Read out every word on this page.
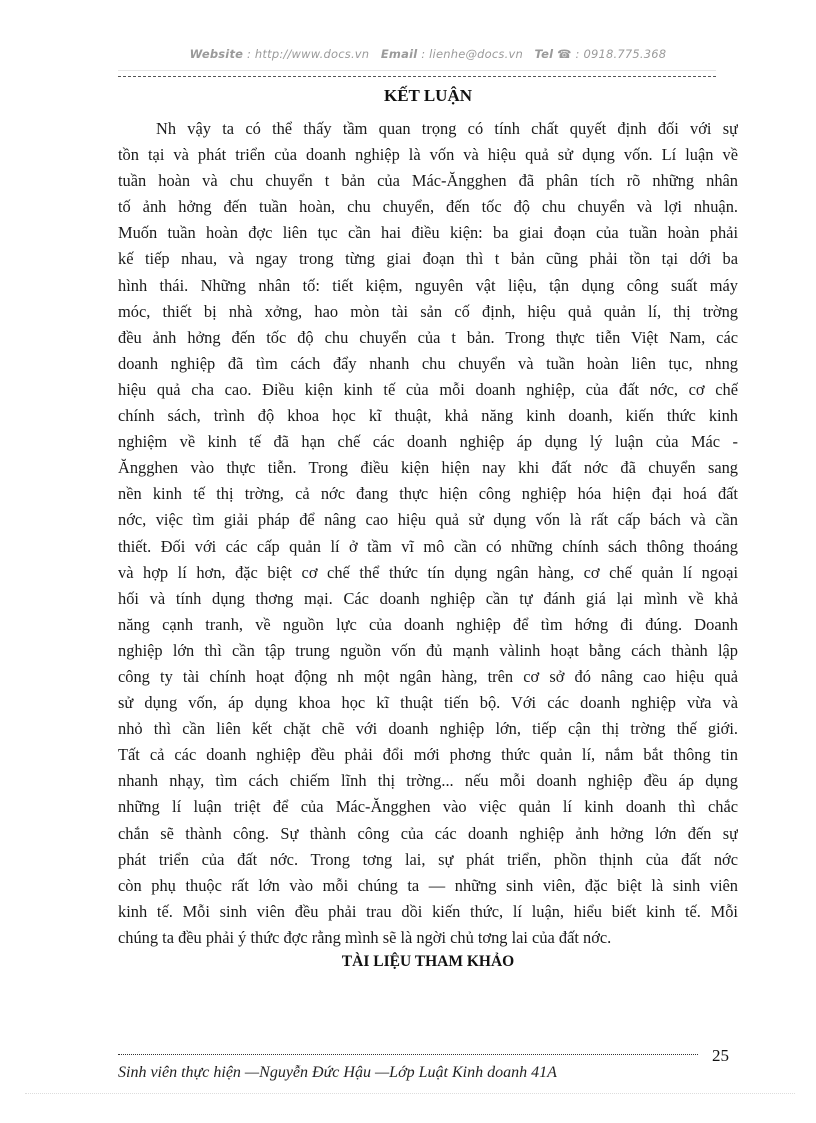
Website : http://www.docs.vn Email : lienhe@docs.vn Tel ☎ : 0918.775.368
KẾT LUẬN
Nh vậy ta có thể thấy tầm quan trọng có tính chất quyết định đối với sự
tồn tại và phát triển của doanh nghiệp là vốn và hiệu quả sử dụng vốn. Lí luận về
tuần hoàn và chu chuyển t bản của Mác-Ăngghen đã phân tích rõ những nhân
tố ảnh hởng đến tuần hoàn, chu chuyển, đến tốc độ chu chuyển và lợi nhuận.
Muốn tuần hoàn đợc liên tục cần hai điều kiện: ba giai đoạn của tuần hoàn phải
kế tiếp nhau, và ngay trong từng giai đoạn thì t bản cũng phải tồn tại dới ba
hình thái. Những nhân tố: tiết kiệm, nguyên vật liệu, tận dụng công suất máy
móc, thiết bị nhà xởng, hao mòn tài sản cố định, hiệu quả quản lí, thị trờng
đều ảnh hởng đến tốc độ chu chuyển của t bản. Trong thực tiễn Việt Nam, các
doanh nghiệp đã tìm cách đẩy nhanh chu chuyển và tuần hoàn liên tục, nhng
hiệu quả cha cao. Điều kiện kinh tế của mỗi doanh nghiệp, của đất nớc, cơ chế
chính sách, trình độ khoa học kĩ thuật, khả năng kinh doanh, kiến thức kinh
nghiệm về kinh tế đã hạn chế các doanh nghiệp áp dụng lý luận của Mác -
Ăngghen vào thực tiễn. Trong điều kiện hiện nay khi đất nớc đã chuyển sang
nền kinh tế thị trờng, cả nớc đang thực hiện công nghiệp hóa hiện đại hoá đất
nớc, việc tìm giải pháp để nâng cao hiệu quả sử dụng vốn là rất cấp bách và cần
thiết. Đối với các cấp quản lí ở tầm vĩ mô cần có những chính sách thông thoáng
và hợp lí hơn, đặc biệt cơ chế thể thức tín dụng ngân hàng, cơ chế quản lí ngoại
hối và tính dụng thơng mại. Các doanh nghiệp cần tự đánh giá lại mình về khả
năng cạnh tranh, về nguồn lực của doanh nghiệp để tìm hớng đi đúng. Doanh
nghiệp lớn thì cần tập trung nguồn vốn đủ mạnh vàlinh hoạt bằng cách thành lập
công ty tài chính hoạt động nh một ngân hàng, trên cơ sở đó nâng cao hiệu quả
sử dụng vốn, áp dụng khoa học kĩ thuật tiến bộ. Với các doanh nghiệp vừa và
nhỏ thì cần liên kết chặt chẽ với doanh nghiệp lớn, tiếp cận thị trờng thế giới.
Tất cả các doanh nghiệp đều phải đổi mới phơng thức quản lí, nắm bắt thông tin
nhanh nhạy, tìm cách chiếm lĩnh thị trờng... nếu mỗi doanh nghiệp đều áp dụng
những lí luận triệt để của Mác-Ăngghen vào việc quản lí kinh doanh thì chắc
chắn sẽ thành công. Sự thành công của các doanh nghiệp ảnh hởng lớn đến sự
phát triển của đất nớc. Trong tơng lai, sự phát triển, phồn thịnh của đất nớc
còn phụ thuộc rất lớn vào mỗi chúng ta — những sinh viên, đặc biệt là sinh viên
kinh tế. Mỗi sinh viên đều phải trau dồi kiến thức, lí luận, hiểu biết kinh tế. Mỗi
chúng ta đều phải ý thức đợc rằng mình sẽ là ngời chủ tơng lai của đất nớc.
TÀI LIỆU THAM KHẢO
25
Sinh viên thực hiện —Nguyễn Đức Hậu —Lớp Luật Kinh doanh 41A
